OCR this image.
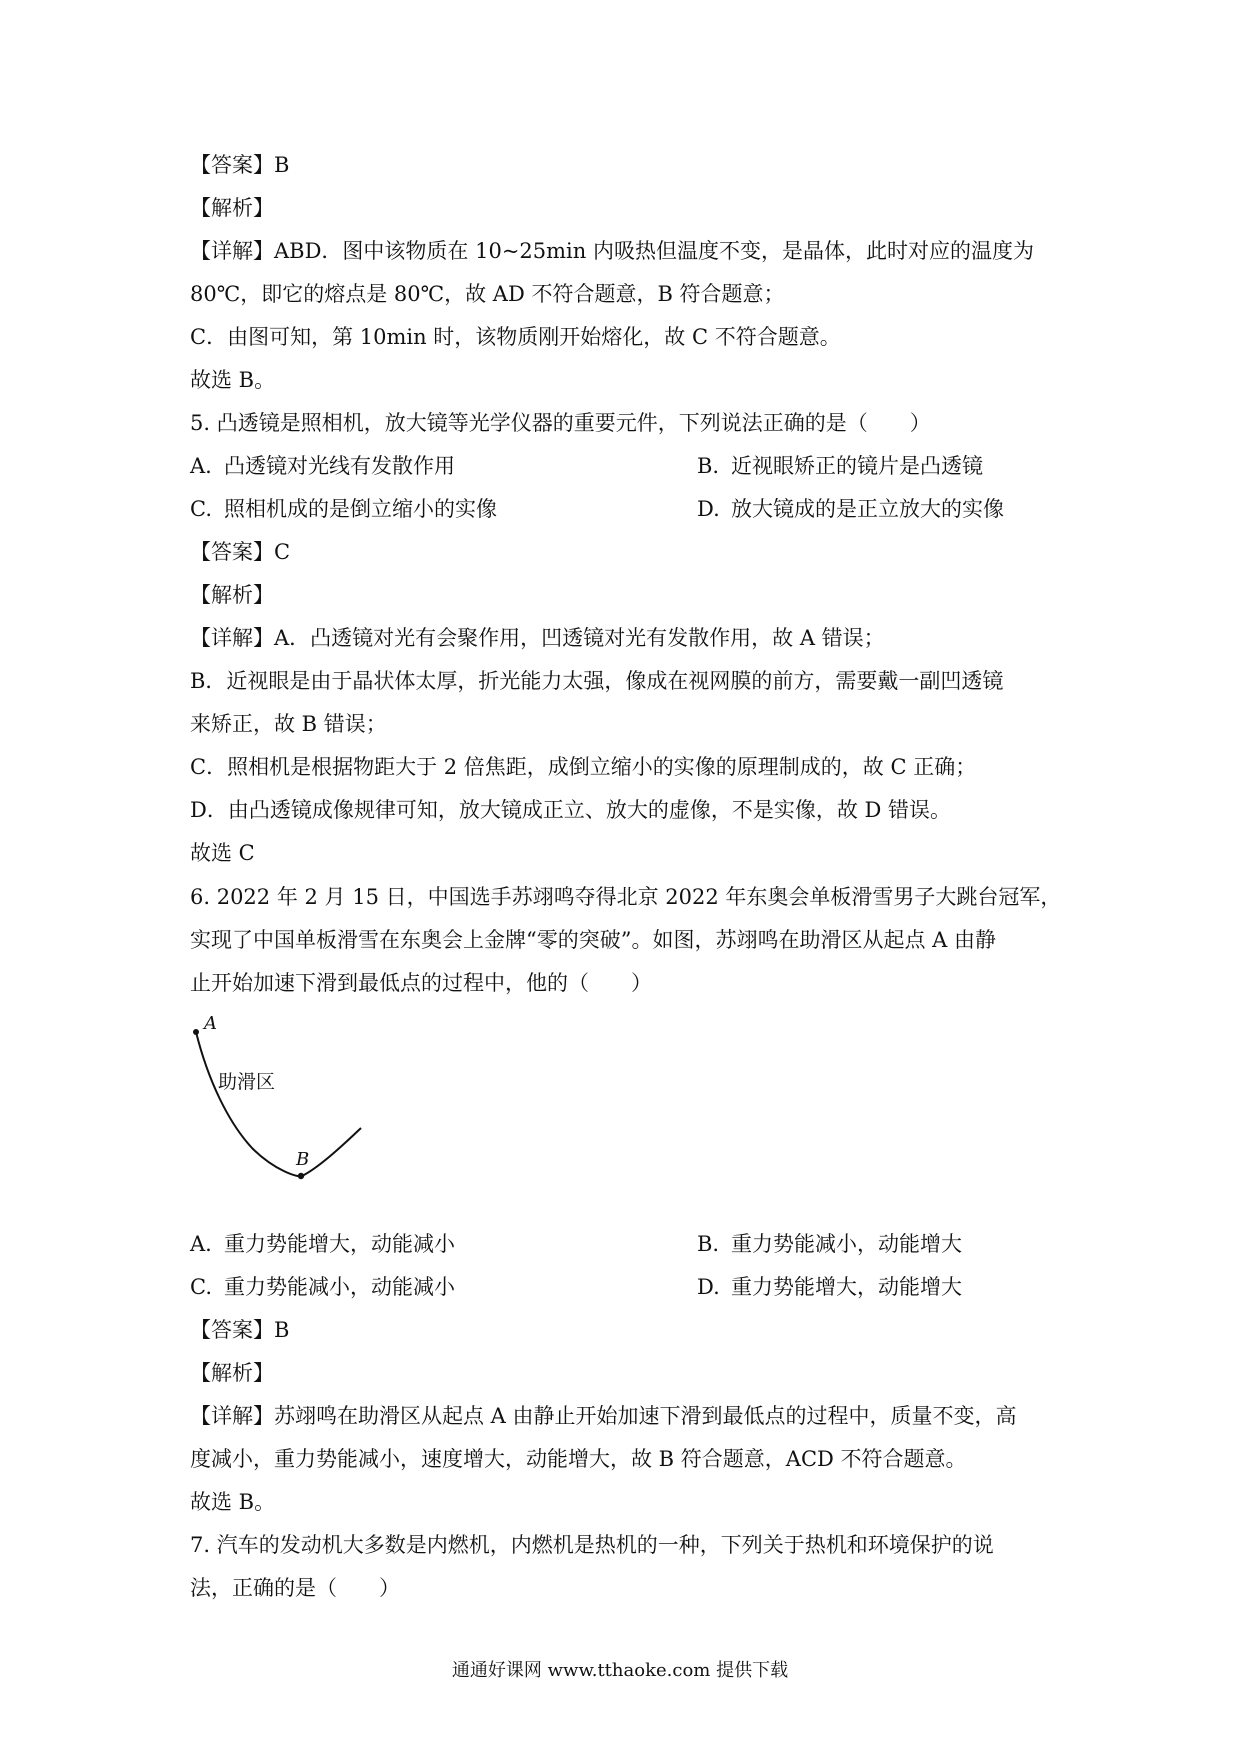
【答案】B
【解析】
【详解】ABD．图中该物质在 10~25min 内吸热但温度不变，是晶体，此时对应的温度为
80℃，即它的熔点是 80℃，故 AD 不符合题意，B 符合题意；
C．由图可知，第 10min 时，该物质刚开始熔化，故 C 不符合题意。
故选 B。
5. 凸透镜是照相机，放大镜等光学仪器的重要元件，下列说法正确的是（　　）
A. 凸透镜对光线有发散作用	B. 近视眼矫正的镜片是凸透镜
C. 照相机成的是倒立缩小的实像	D. 放大镜成的是正立放大的实像
【答案】C
【解析】
【详解】A．凸透镜对光有会聚作用，凹透镜对光有发散作用，故 A 错误；
B．近视眼是由于晶状体太厚，折光能力太强，像成在视网膜的前方，需要戴一副凹透镜
来矫正，故 B 错误；
C．照相机是根据物距大于 2 倍焦距，成倒立缩小的实像的原理制成的，故 C 正确；
D．由凸透镜成像规律可知，放大镜成正立、放大的虚像，不是实像，故 D 错误。
故选 C
6. 2022 年 2 月 15 日，中国选手苏翊鸣夺得北京 2022 年东奥会单板滑雪男子大跳台冠军，
实现了中国单板滑雪在东奥会上金牌“零的突破”。如图，苏翊鸣在助滑区从起点 A 由静
止开始加速下滑到最低点的过程中，他的（　　）
A
B
助滑区
A. 重力势能增大，动能减小	B. 重力势能减小，动能增大
C. 重力势能减小，动能减小	D. 重力势能增大，动能增大
【答案】B
【解析】
【详解】苏翊鸣在助滑区从起点 A 由静止开始加速下滑到最低点的过程中，质量不变，高
度减小，重力势能减小，速度增大，动能增大，故 B 符合题意，ACD 不符合题意。
故选 B。
7. 汽车的发动机大多数是内燃机，内燃机是热机的一种，下列关于热机和环境保护的说
法，正确的是（　　）
通通好课网 www.tthaoke.com 提供下载
